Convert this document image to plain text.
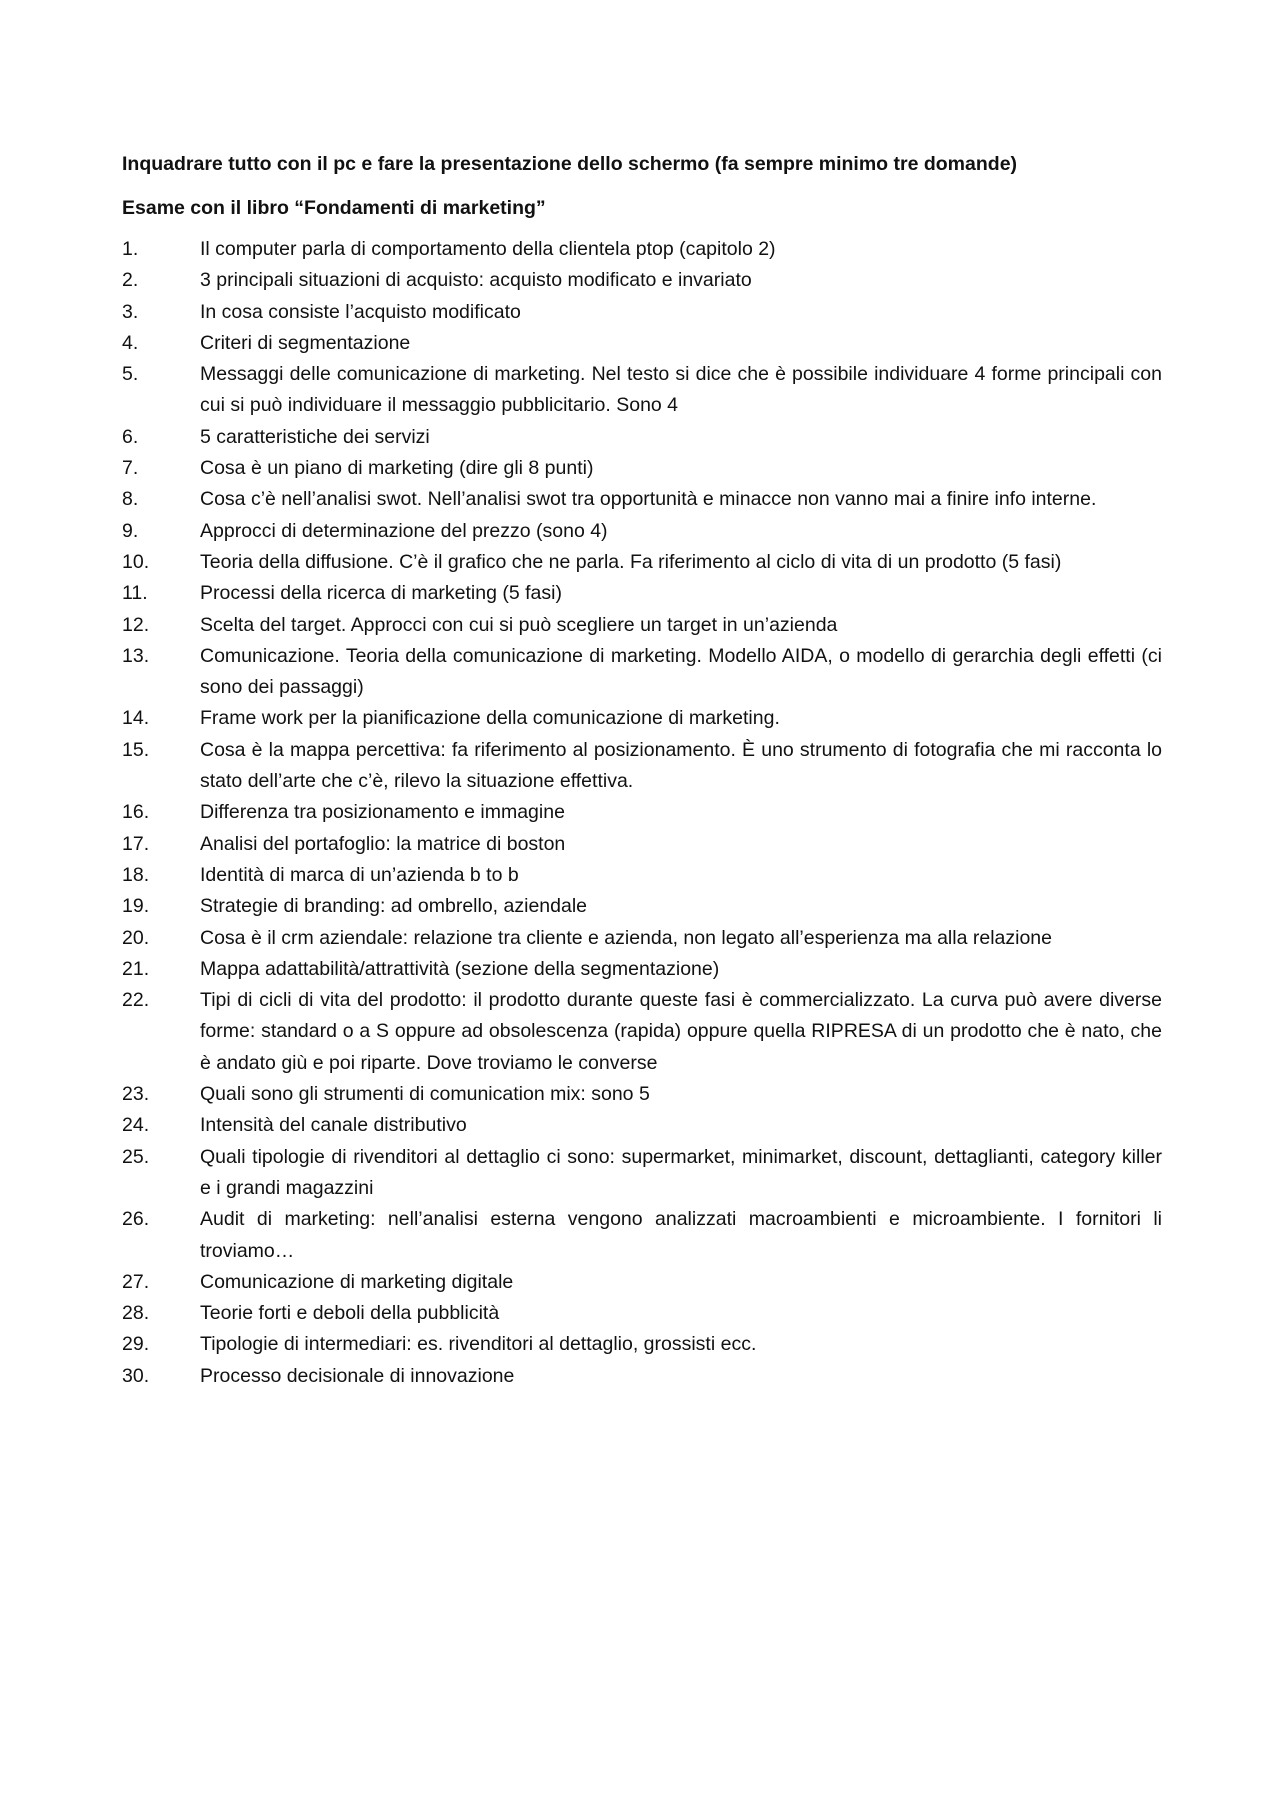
Inquadrare tutto con il pc e fare la presentazione dello schermo (fa sempre minimo tre domande)

Esame con il libro “Fondamenti di marketing”

1.	Il computer parla di comportamento della clientela ptop (capitolo 2)
2.	3 principali situazioni di acquisto: acquisto modificato e invariato
3.	In cosa consiste l’acquisto modificato
4.	Criteri di segmentazione
5.	Messaggi delle comunicazione di marketing. Nel testo si dice che è possibile individuare 4 forme principali con cui si può individuare il messaggio pubblicitario. Sono 4
6.	5 caratteristiche dei servizi
7.	Cosa è un piano di marketing (dire gli 8 punti)
8.	Cosa c’è nell’analisi swot. Nell’analisi swot tra opportunità e minacce non vanno mai a finire info interne.
9.	Approcci di determinazione del prezzo (sono 4)
10.	Teoria della diffusione. C’è il grafico che ne parla. Fa riferimento al ciclo di vita di un prodotto (5 fasi)
11.	Processi della ricerca di marketing (5 fasi)
12.	Scelta del target. Approcci con cui si può scegliere un target in un’azienda
13.	Comunicazione. Teoria della comunicazione di marketing. Modello AIDA, o modello di gerarchia degli effetti (ci sono dei passaggi)
14.	Frame work per la pianificazione della comunicazione di marketing.
15.	Cosa è la mappa percettiva: fa riferimento al posizionamento. È uno strumento di fotografia che mi racconta lo stato dell’arte che c’è, rilevo la situazione effettiva.
16.	Differenza tra posizionamento e immagine
17.	Analisi del portafoglio: la matrice di boston
18.	Identità di marca di un’azienda b to b
19.	Strategie di branding: ad ombrello, aziendale
20.	Cosa è il crm aziendale: relazione tra cliente e azienda, non legato all’esperienza ma alla relazione
21.	Mappa adattabilità/attrattività (sezione della segmentazione)
22.	Tipi di cicli di vita del prodotto: il prodotto durante queste fasi è commercializzato. La curva può avere diverse forme: standard o a S oppure ad obsolescenza (rapida) oppure quella RIPRESA di un prodotto che è nato, che è andato giù e poi riparte. Dove troviamo le converse
23.	Quali sono gli strumenti di comunication mix: sono 5
24.	Intensità del canale distributivo
25.	Quali tipologie di rivenditori al dettaglio ci sono: supermarket, minimarket, discount, dettaglianti, category killer e i grandi magazzini
26.	Audit di marketing: nell’analisi esterna vengono analizzati macroambienti e microambiente. I fornitori li troviamo…
27.	Comunicazione di marketing digitale
28.	Teorie forti e deboli della pubblicità
29.	Tipologie di intermediari: es. rivenditori al dettaglio, grossisti ecc.
30.	Processo decisionale di innovazione
